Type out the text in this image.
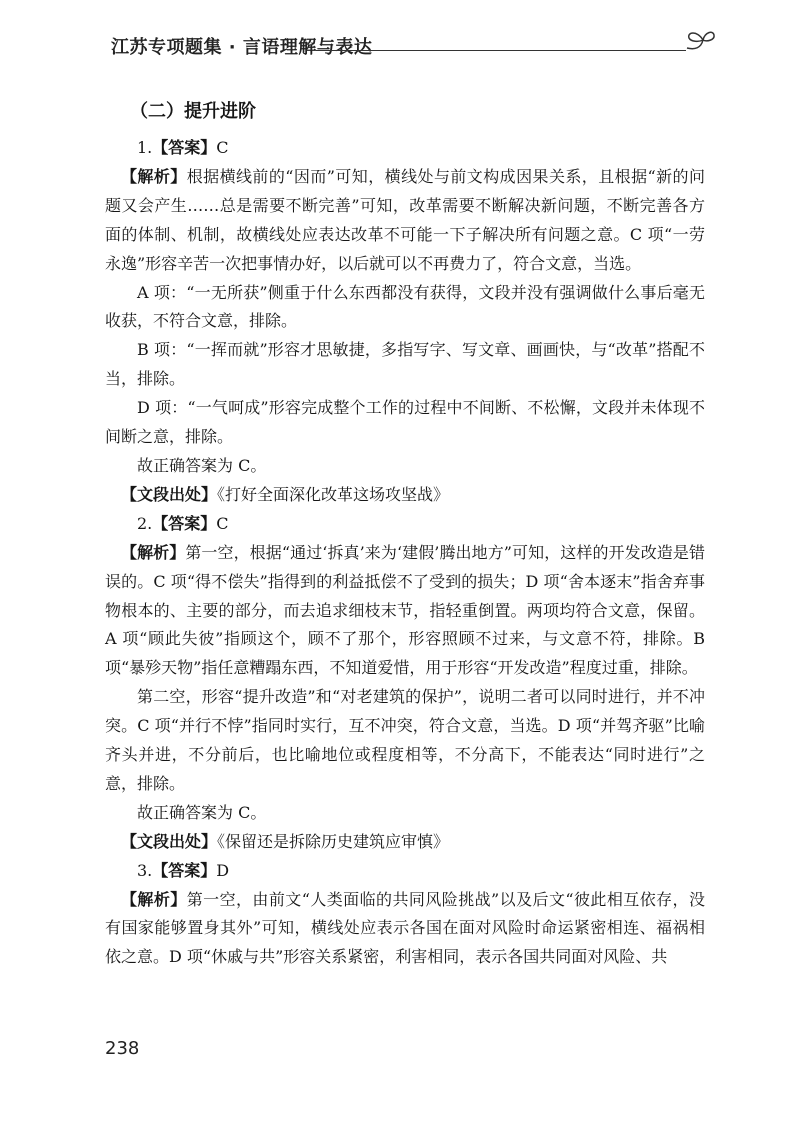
江苏专项题集 · 言语理解与表达

（二）提升进阶

1.【答案】C

【解析】根据横线前的“因而”可知，横线处与前文构成因果关系，且根据“新的问题又会产生……总是需要不断完善”可知，改革需要不断解决新问题，不断完善各方面的体制、机制，故横线处应表达改革不可能一下子解决所有问题之意。C 项“一劳永逸”形容辛苦一次把事情办好，以后就可以不再费力了，符合文意，当选。

A 项：“一无所获”侧重于什么东西都没有获得，文段并没有强调做什么事后毫无收获，不符合文意，排除。

B 项：“一挥而就”形容才思敏捷，多指写字、写文章、画画快，与“改革”搭配不当，排除。

D 项：“一气呵成”形容完成整个工作的过程中不间断、不松懈，文段并未体现不间断之意，排除。

故正确答案为 C。

【文段出处】《打好全面深化改革这场攻坚战》

2.【答案】C

【解析】第一空，根据“通过‘拆真’来为‘建假’腾出地方”可知，这样的开发改造是错误的。C 项“得不偿失”指得到的利益抵偿不了受到的损失；D 项“舍本逐末”指舍弃事物根本的、主要的部分，而去追求细枝末节，指轻重倒置。两项均符合文意，保留。A 项“顾此失彼”指顾这个，顾不了那个，形容照顾不过来，与文意不符，排除。B 项“暴殄天物”指任意糟蹋东西，不知道爱惜，用于形容“开发改造”程度过重，排除。

第二空，形容“提升改造”和“对老建筑的保护”，说明二者可以同时进行，并不冲突。C 项“并行不悖”指同时实行，互不冲突，符合文意，当选。D 项“并驾齐驱”比喻齐头并进，不分前后，也比喻地位或程度相等，不分高下，不能表达“同时进行”之意，排除。

故正确答案为 C。

【文段出处】《保留还是拆除历史建筑应审慎》

3.【答案】D

【解析】第一空，由前文“人类面临的共同风险挑战”以及后文“彼此相互依存，没有国家能够置身其外”可知，横线处应表示各国在面对风险时命运紧密相连、福祸相依之意。D 项“休戚与共”形容关系紧密，利害相同，表示各国共同面对风险、共

238
